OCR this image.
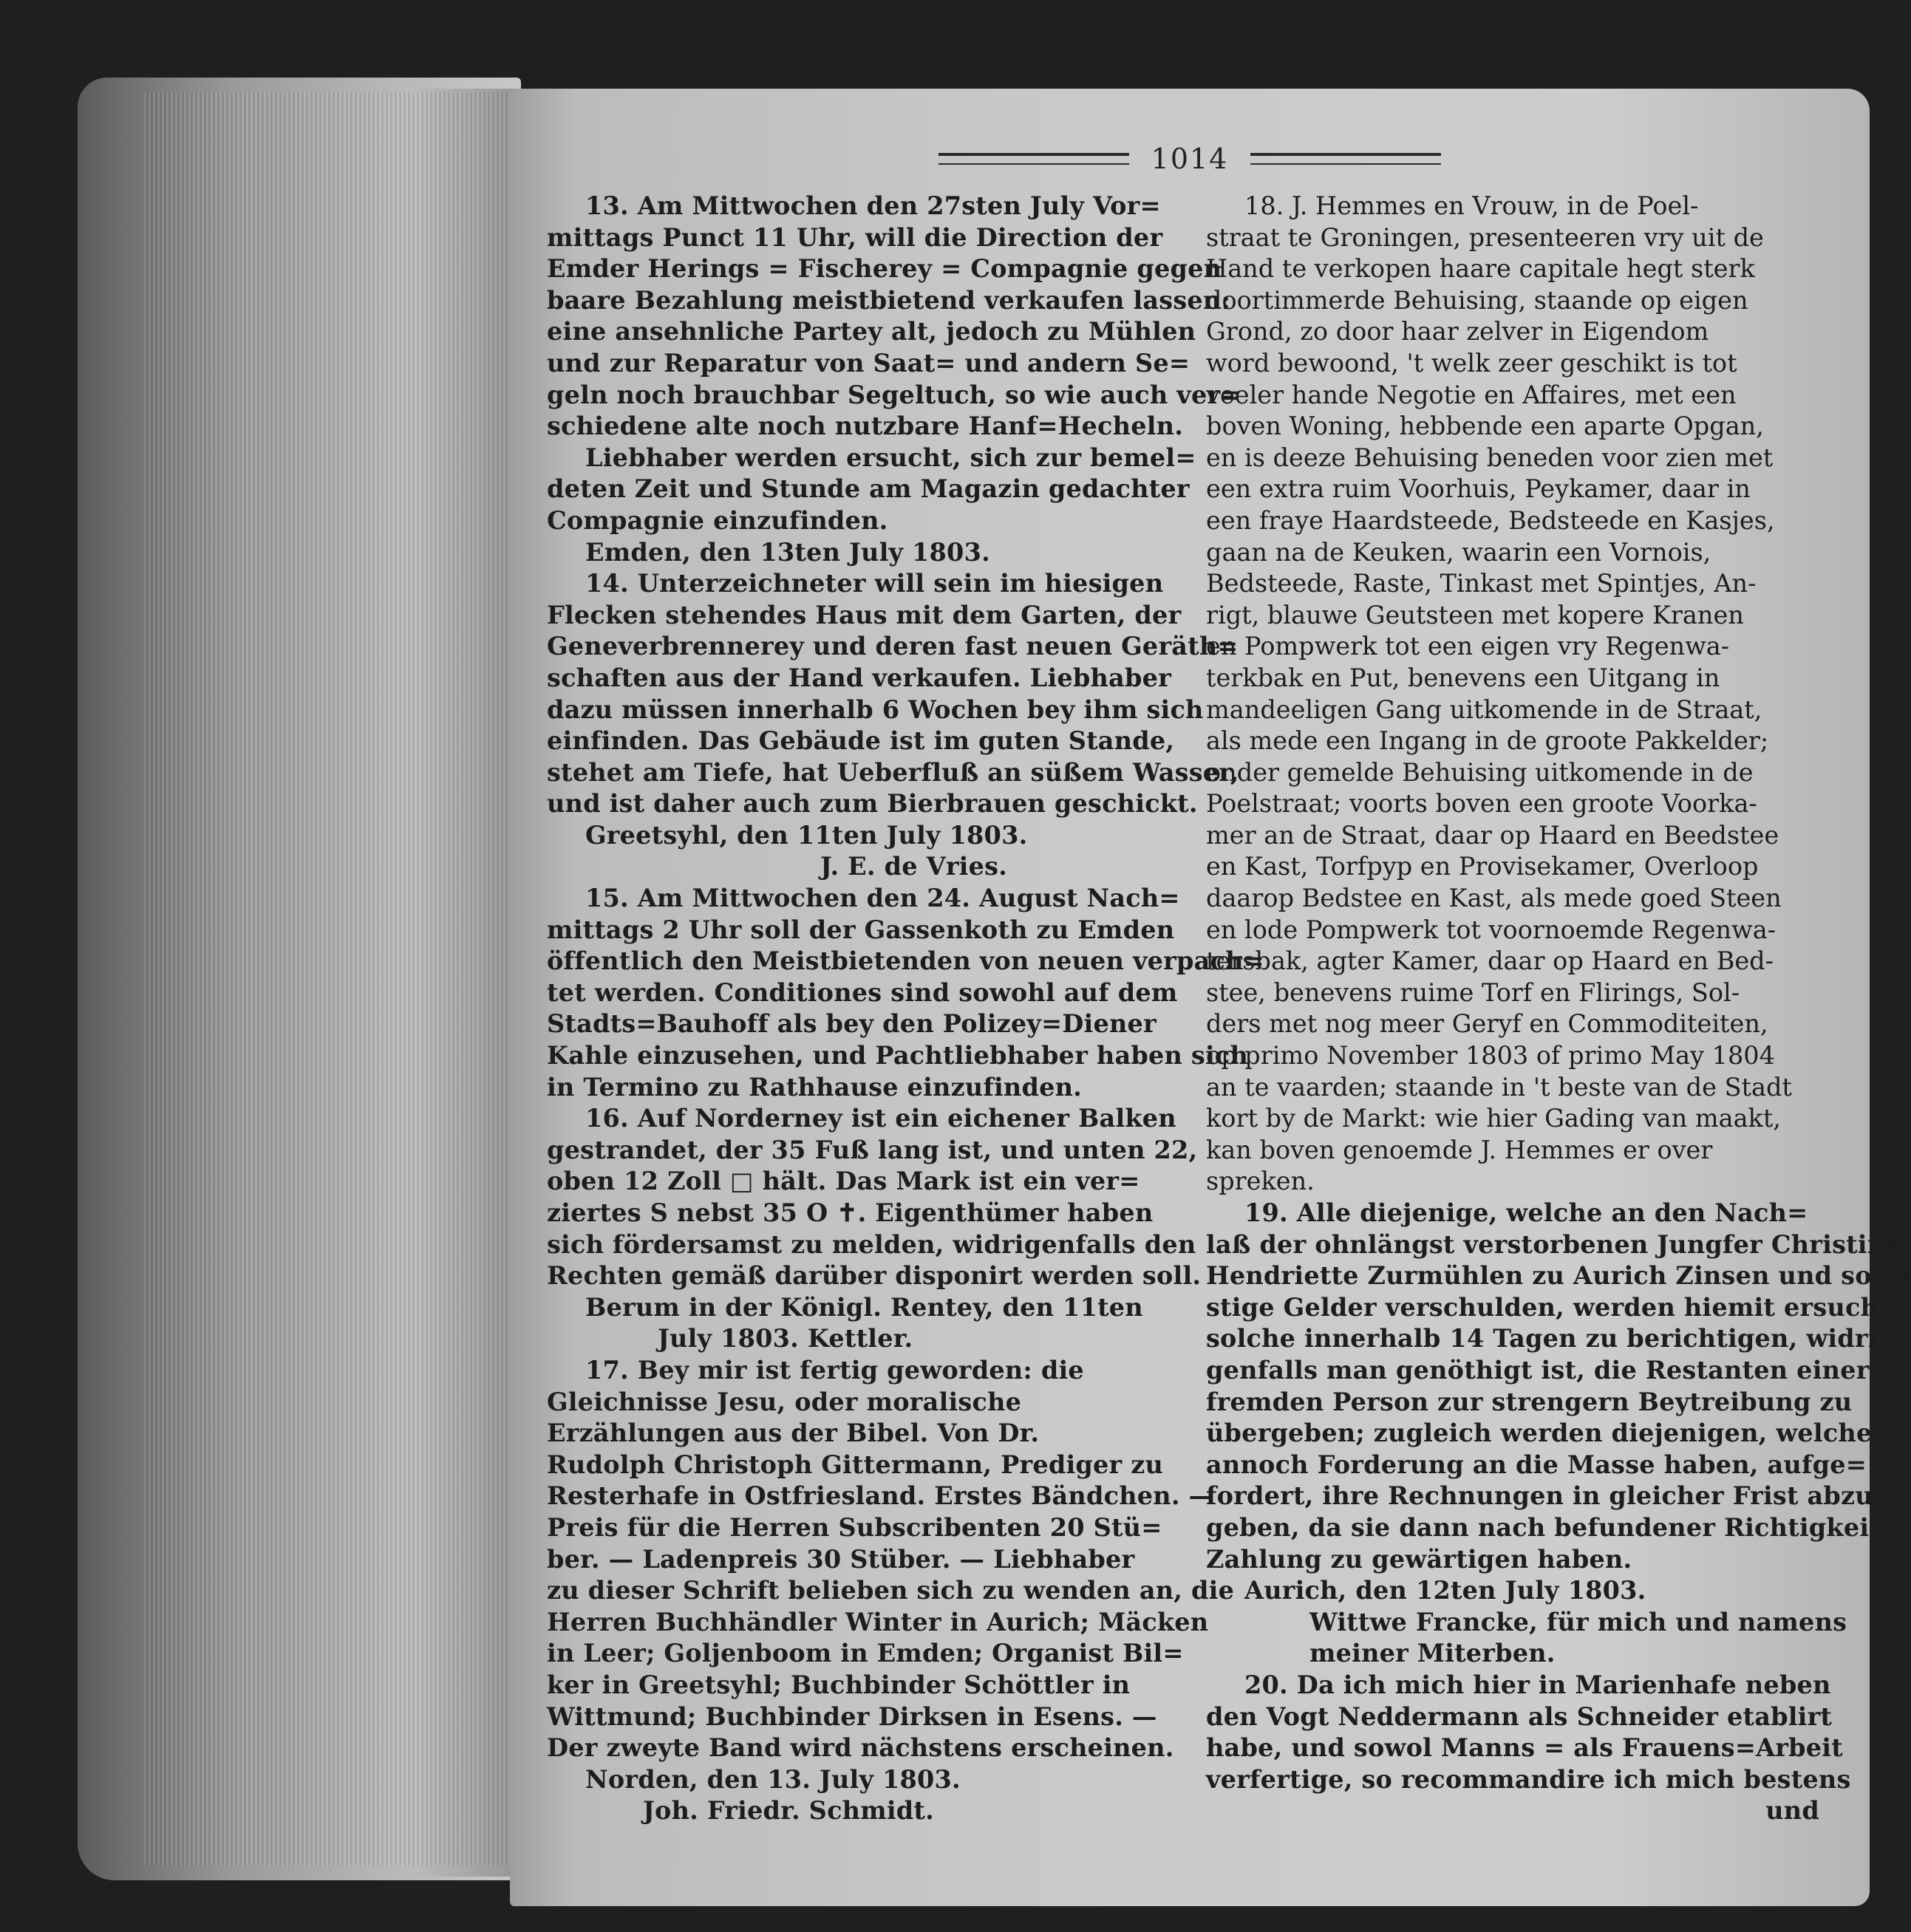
1014
13. Am Mittwochen den 27sten July Vor=
mittags Punct 11 Uhr, will die Direction der
Emder Herings = Fischerey = Compagnie gegen
baare Bezahlung meistbietend verkaufen lassen:
eine ansehnliche Partey alt, jedoch zu Mühlen
und zur Reparatur von Saat= und andern Se=
geln noch brauchbar Segeltuch, so wie auch ver=
schiedene alte noch nutzbare Hanf=Hecheln.
Liebhaber werden ersucht, sich zur bemel=
deten Zeit und Stunde am Magazin gedachter
Compagnie einzufinden.
Emden, den 13ten July 1803.
14. Unterzeichneter will sein im hiesigen
Flecken stehendes Haus mit dem Garten, der
Geneverbrennerey und deren fast neuen Geräth=
schaften aus der Hand verkaufen. Liebhaber
dazu müssen innerhalb 6 Wochen bey ihm sich
einfinden. Das Gebäude ist im guten Stande,
stehet am Tiefe, hat Ueberfluß an süßem Wasser,
und ist daher auch zum Bierbrauen geschickt.
Greetsyhl, den 11ten July 1803.
J. E. de Vries.
15. Am Mittwochen den 24. August Nach=
mittags 2 Uhr soll der Gassenkoth zu Emden
öffentlich den Meistbietenden von neuen verpach=
tet werden. Conditiones sind sowohl auf dem
Stadts=Bauhoff als bey den Polizey=Diener
Kahle einzusehen, und Pachtliebhaber haben sich
in Termino zu Rathhause einzufinden.
16. Auf Norderney ist ein eichener Balken
gestrandet, der 35 Fuß lang ist, und unten 22,
oben 12 Zoll □ hält. Das Mark ist ein ver=
ziertes S nebst 35 O ✝. Eigenthümer haben
sich fördersamst zu melden, widrigenfalls den
Rechten gemäß darüber disponirt werden soll.
Berum in der Königl. Rentey, den 11ten
July 1803. Kettler.
17. Bey mir ist fertig geworden: die
Gleichnisse Jesu, oder moralische
Erzählungen aus der Bibel. Von Dr.
Rudolph Christoph Gittermann, Prediger zu
Resterhafe in Ostfriesland. Erstes Bändchen. —
Preis für die Herren Subscribenten 20 Stü=
ber. — Ladenpreis 30 Stüber. — Liebhaber
zu dieser Schrift belieben sich zu wenden an, die
Herren Buchhändler Winter in Aurich; Mäcken
in Leer; Goljenboom in Emden; Organist Bil=
ker in Greetsyhl; Buchbinder Schöttler in
Wittmund; Buchbinder Dirksen in Esens. —
Der zweyte Band wird nächstens erscheinen.
Norden, den 13. July 1803.
Joh. Friedr. Schmidt.
18. J. Hemmes en Vrouw, in de Poel-
straat te Groningen, presenteeren vry uit de
Hand te verkopen haare capitale hegt sterk
doortimmerde Behuising, staande op eigen
Grond, zo door haar zelver in Eigendom
word bewoond, 't welk zeer geschikt is tot
veeler hande Negotie en Affaires, met een
boven Woning, hebbende een aparte Opgan,
en is deeze Behuising beneden voor zien met
een extra ruim Voorhuis, Peykamer, daar in
een fraye Haardsteede, Bedsteede en Kasjes,
gaan na de Keuken, waarin een Vornois,
Bedsteede, Raste, Tinkast met Spintjes, An-
rigt, blauwe Geutsteen met kopere Kranen
en Pompwerk tot een eigen vry Regenwa-
terkbak en Put, benevens een Uitgang in
mandeeligen Gang uitkomende in de Straat,
als mede een Ingang in de groote Pakkelder;
onder gemelde Behuising uitkomende in de
Poelstraat; voorts boven een groote Voorka-
mer an de Straat, daar op Haard en Beedstee
en Kast, Torfpyp en Provisekamer, Overloop
daarop Bedstee en Kast, als mede goed Steen
en lode Pompwerk tot voornoemde Regenwa-
tersbak, agter Kamer, daar op Haard en Bed-
stee, benevens ruime Torf en Flirings, Sol-
ders met nog meer Geryf en Commoditeiten,
op primo November 1803 of primo May 1804
an te vaarden; staande in 't beste van de Stadt
kort by de Markt: wie hier Gading van maakt,
kan boven genoemde J. Hemmes er over
spreken.
19. Alle diejenige, welche an den Nach=
laß der ohnlängst verstorbenen Jungfer Christine
Hendriette Zurmühlen zu Aurich Zinsen und son=
stige Gelder verschulden, werden hiemit ersucht,
solche innerhalb 14 Tagen zu berichtigen, widri=
genfalls man genöthigt ist, die Restanten einer
fremden Person zur strengern Beytreibung zu
übergeben; zugleich werden diejenigen, welche
annoch Forderung an die Masse haben, aufge=
fordert, ihre Rechnungen in gleicher Frist abzu=
geben, da sie dann nach befundener Richtigkeit
Zahlung zu gewärtigen haben.
Aurich, den 12ten July 1803.
Wittwe Francke, für mich und namens
meiner Miterben.
20. Da ich mich hier in Marienhafe neben
den Vogt Neddermann als Schneider etablirt
habe, und sowol Manns = als Frauens=Arbeit
verfertige, so recommandire ich mich bestens
und
